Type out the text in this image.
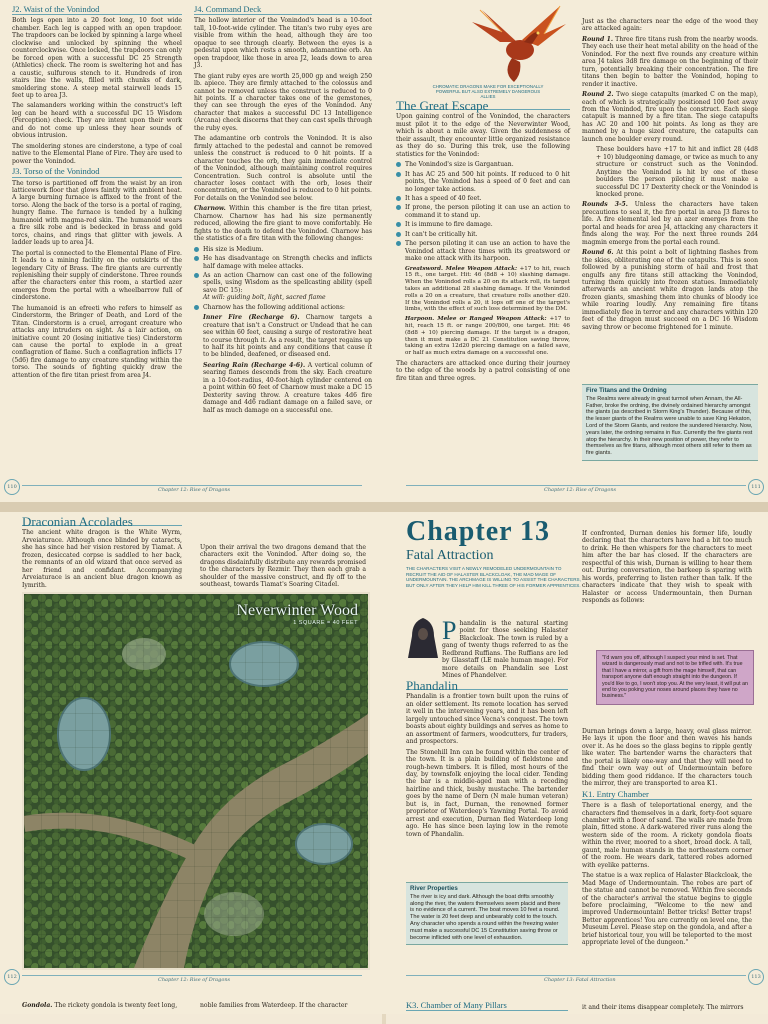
J2. Waist of the Vonindod

Both legs open into a 20 foot long, 10 foot wide chamber. Each leg is capped with an open trapdoor. The trapdoors can be locked by spinning a large wheel clockwise and unlocked by spinning the wheel counterclockwise. Once locked, the trapdoors can only be forced open with a successful DC 25 Strength (Athletics) check. The room is sweltering hot and has a caustic, sulfurous stench to it. Hundreds of iron stairs line the walls, filled with chunks of dark, smoldering stone. A steep metal stairwell leads 15 feet up to area J3.

The salamanders working within the construct's left leg can be heard with a successful DC 15 Wisdom (Perception) check. They are intent upon their work and do not come up unless they hear sounds of obvious intrusion.

The smoldering stones are cinderstone, a type of coal native to the Elemental Plane of Fire. They are used to power the Vonindod.

J3. Torso of the Vonindod

The torso is partitioned off from the waist by an iron latticework floor that glows faintly with ambient heat. A large burning furnace is affixed to the front of the torso. Along the back of the torso is a portal of raging, hungry flame. The furnace is tended by a hulking humanoid with magma-red skin. The humanoid wears a fire silk robe and is bedecked in brass and gold torcs, chains, and rings that glitter with jewels. A ladder leads up to area J4.

The portal is connected to the Elemental Plane of Fire. It leads to a mining facility on the outskirts of the legendary City of Brass. The fire giants are currently replenishing their supply of cinderstone. Three rounds after the characters enter this room, a startled azer emerges from the portal with a wheelbarrow full of cinderstone.

The humanoid is an efreeti who refers to himself as Cinderstorm, the Bringer of Death, and Lord of the Titan. Cinderstorm is a cruel, arrogant creature who attacks any intruders on sight. As a lair action, on initiative count 20 (losing initiative ties) Cinderstorm can cause the portal to explode in a great conflagration of flame. Such a conflagration inflicts 17 (5d6) fire damage to any creature standing within the torso. The sounds of fighting quickly draw the attention of the fire titan priest from area J4.

J4. Command Deck

The hollow interior of the Vonindod's head is a 10-foot tall, 10-foot-wide cylinder. The titan's two ruby eyes are visible from within the head, although they are too opaque to see through clearly. Between the eyes is a pedestal upon which rests a smooth, adamantine orb. An open trapdoor, like those in area J2, leads down to area J3.

The giant ruby eyes are worth 25,000 gp and weigh 250 lb. apiece. They are firmly attached to the colossus and cannot be removed unless the construct is reduced to 0 hit points. If a character takes one of the gemstones, they can see through the eyes of the Vonindod. Any character that makes a successful DC 13 Intelligence (Arcana) check discerns that they can cast spells through the ruby eyes.

The adamantine orb controls the Vonindod. It is also firmly attached to the pedestal and cannot be removed unless the construct is reduced to 0 hit points. If a character touches the orb, they gain immediate control of the Vonindod, although maintaining control requires Concentration. Such control is absolute until the character loses contact with the orb, loses their concentration, or the Vonindod is reduced to 0 hit points. For details on the Vonindod see below.

Charnow. Within this chamber is the fire titan priest, Charnow. Charnow has had his size permanently reduced, allowing the fire giant to move comfortably. He fights to the death to defend the Vonindod. Charnow has the statistics of a fire titan with the following changes:

His size is Medium.
He has disadvantage on Strength checks and inflicts half damage with melee attacks.
As an action Charnow can cast one of the following spells, using Wisdom as the spellcasting ability (spell save DC 15):
At will: guiding bolt, light, sacred flame
Charnow has the following additional actions:

Inner Fire (Recharge 6). Charnow targets a creature that isn't a Construct or Undead that he can see within 60 feet, causing a surge of restorative heat to course through it. As a result, the target regains up to half its hit points and any conditions that cause it to be blinded, deafened, or diseased end.

Searing Rain (Recharge 4-6). A vertical column of searing flames descends from the sky. Each creature in a 10-foot-radius, 40-foot-high cylinder centered on a point within 60 feet of Charnow must make a DC 15 Dexterity saving throw. A creature takes 4d6 fire damage and 4d6 radiant damage on a failed save, or half as much damage on a successful one.

110	Chapter 12: Rise of Dragons
CHROMATIC DRAGONS MAKE FOR EXCEPTIONALLY POWERFUL BUT ALSO EXTREMELY DANGEROUS ALLIES
The Great Escape

Upon gaining control of the Vonindod, the characters must pilot it to the edge of the Neverwinter Wood, which is about a mile away. Given the suddenness of their assault, they encounter little organized resistance as they do so. During this trek, use the following statistics for the Vonindod:

The Vonindod's size is Gargantuan.
It has AC 25 and 500 hit points. If reduced to 0 hit points, the Vonindod has a speed of 0 feet and can no longer take actions.
It has a speed of 40 feet.
If prone, the person piloting it can use an action to command it to stand up.
It is immune to fire damage.
It can't be critically hit.
The person piloting it can use an action to have the Vonindod attack three times with its greatsword or make one attack with its harpoon.

Greatsword. Melee Weapon Attack: +17 to hit, reach 15 ft., one target. Hit: 46 (8d8 + 10) slashing damage. When the Vonindod rolls a 20 on its attack roll, its target takes an additional 28 slashing damage. If the Vonindod rolls a 20 on a creature, that creature rolls another d20. If the Vonindod rolls a 20, it lops off one of the target's limbs, with the effect of such loss determined by the DM.

Harpoon. Melee or Ranged Weapon Attack: +17 to hit, reach 15 ft. or range 200/800, one target. Hit: 46 (8d8 + 10) piercing damage. If the target is a dragon, then it must make a DC 21 Constitution saving throw, taking an extra 12d20 piercing damage on a failed save, or half as much extra damage on a successful one.

The characters are attacked once during their journey to the edge of the woods by a patrol consisting of one fire titan and three ogres.

Just as the characters near the edge of the wood they are attacked again:

Round 1. Three fire titans rush from the nearby woods. They each use their heat metal ability on the head of the Vonindod. For the next five rounds any creature within area J4 takes 3d8 fire damage on the beginning of their turn, potentially breaking their concentration. The fire titans then begin to batter the Vonindod, hoping to render it inactive.

Round 2. Two siege catapults (marked C on the map), each of which is strategically positioned 100 feet away from the Vonindod, fire upon the construct. Each siege catapult is manned by a fire titan. The siege catapults has AC 20 and 100 hit points. As long as they are manned by a huge sized creature, the catapults can launch one boulder every round.

These boulders have +17 to hit and inflict 28 (4d8 + 10) bludgeoning damage, or twice as much to any structure or construct such as the Vonindod. Anytime the Vonindod is hit by one of these boulders the person piloting it must make a successful DC 17 Dexterity check or the Vonindod is knocked prone.

Rounds 3-5. Unless the characters have taken precautions to seal it, the fire portal in area J3 flares to life. A fire elemental led by an azer emerges from the portal and heads for area J4, attacking any characters it finds along the way. For the next three rounds 2d4 magmin emerge from the portal each round.

Round 6. At this point a bolt of lightning flashes from the skies, obliterating one of the catapults. This is soon followed by a punishing storm of hail and frost that engulfs any fire titans still attacking the Vonindod, turning them quickly into frozen statues. Immediately afterwards an ancient white dragon lands atop the frozen giants, smashing them into chunks of bloody ice while roaring loudly. Any remaining fire titans immediately flee in terror and any characters within 120 feet of the dragon must succeed on a DC 16 Wisdom saving throw or become frightened for 1 minute.

Fire Titans and the Ordning
The Realms were already in great turmoil when Annam, the All-Father, broke the ordning, the divinely ordained hierarchy amongst the giants (as described in Storm King's Thunder). Because of this, the lesser giants of the Realms were unable to save King Hekaton, Lord of the Storm Giants, and restore the sundered hierarchy. Now, years later, the ordning remains in flux. Currently the fire giants rest atop the hierarchy. In their new position of power, they refer to themselves as fire titans, although most others still refer to them as fire giants.
Chapter 12: Rise of Dragons	111
Draconian Accolades

The ancient white dragon is the White Wyrm, Arveiaturace. Although once blinded by cataracts, she has since had her vision restored by Tiamat. A frozen, desiccated corpse is saddled to her back, the remnants of an old wizard that once served as her friend and confidant. Accompanying Arveiaturace is an ancient blue dragon known as Iymrith.

Upon their arrival the two dragons demand that the characters exit the Vonindod. After doing so, the dragons disdainfully distribute any rewards promised to the characters by Rezmir. They then each grab a shoulder of the massive construct, and fly off to the southeast, towards Tiamat's Soaring Citadel.

Neverwinter Wood
1 SQUARE = 40 FEET
112	Chapter 12: Rise of Dragons

Gondola. The rickety gondola is twenty feet long,	noble families from Waterdeep. If the character

Chapter 13
Fatal Attraction
THE CHARACTERS VISIT A NEWLY REMODELED UNDERMOUNTAIN TO RECRUIT THE AID OF HALASTER BLACKCLOAK, THE MAD MAGE OF UNDERMOUNTAIN. THE ARCHMAGE IS WILLING TO ASSIST THE CHARACTERS, BUT ONLY AFTER THEY HELP HIM KILL THREE OF HIS FORMER APPRENTICES.

Phandalin is the natural starting point for those seeking Halaster Blackcloak. The town is ruled by a gang of twenty thugs referred to as the Redbrand Ruffians. The Ruffians are led by Glasstaff (LE male human mage). For more details on Phandalin see Lost Mines of Phandelver.

Phandalin

Phandalin is a frontier town built upon the ruins of an older settlement. Its remote location has served it well in the intervening years, and it has been left largely untouched since Vecna's conquest. The town boasts about eighty buildings and serves as home to an assortment of farmers, woodcutters, fur traders, and prospectors.

The Stonehill Inn can be found within the center of the town. It is a plain building of fieldstone and rough-hewn timbers. It is filled, most hours of the day, by townsfolk enjoying the local cider. Tending the bar is a middle-aged man with a receding hairline and thick, bushy mustache. The bartender goes by the name of Dern (N male human veteran) but is, in fact, Durnan, the renowned former proprietor of Waterdeep's Yawning Portal. To avoid arrest and execution, Durnan fled Waterdeep long ago. He has since been laying low in the remote town of Phandalin.

River Properties
The river is icy and dark. Although the boat drifts smoothly along the river, the waters themselves seem placid and there is no evidence of a current. The boat moves 10 feet a round. The water is 20 feet deep and unbearably cold to the touch. Any character who spends a round within the freezing water must make a successful DC 15 Constitution saving throw or become inflicted with one level of exhaustion.

If confronted, Durnan denies his former life, loudly declaring that the characters have had a bit too much to drink. He then whispers for the characters to meet him after the bar has closed. If the characters are respectful of this wish, Durnan is willing to hear them out. During conversation, the barkeep is sparing with his words, preferring to listen rather than talk. If the characters indicate that they wish to speak with Halaster or access Undermountain, then Durnan responds as follows:

"I'd warn you off, although I suspect your mind is set. That wizard is dangerously mad and not to be trifled with. It's true that I have a mirror, a gift from the mage himself, that can transport anyone daft enough straight into the dungeon. If you'd like to go, I won't stop you. At the very least, it will put an end to you poking your noses around places they have no business."

Durnan brings down a large, heavy, oval glass mirror. He lays it upon the floor and then waves his hands over it. As he does so the glass begins to ripple gently like water. The bartender warns the characters that the portal is likely one-way and that they will need to find their own way out of Undermountain before bidding them good riddance. If the characters touch the mirror, they are transported to area K1.

K1. Entry Chamber

There is a flash of teleportational energy, and the characters find themselves in a dark, forty-foot square chamber with a floor of sand. The walls are made from plain, fitted stone. A dark-watered river runs along the western side of the room. A rickety gondola floats within the river, moored to a short, broad dock. A tall, gaunt, male human stands in the northeastern corner of the room. He wears dark, tattered robes adorned with eyelike patterns.

The statue is a wax replica of Halaster Blackcloak, the Mad Mage of Undermountain. The robes are part of the statue and cannot be removed. Within five seconds of the character's arrival the statue begins to giggle before proclaiming, "Welcome to the new and improved Undermountain! Better tricks! Better traps! Better apprentices! You are currently on level one, the Museum Level. Please step on the gondola, and after a brief historical tour, you will be teleported to the most appropriate level of the dungeon."

Chapter 13: Fatal Attraction	113
K3. Chamber of Many Pillars	it and their items disappear completely. The mirrors
